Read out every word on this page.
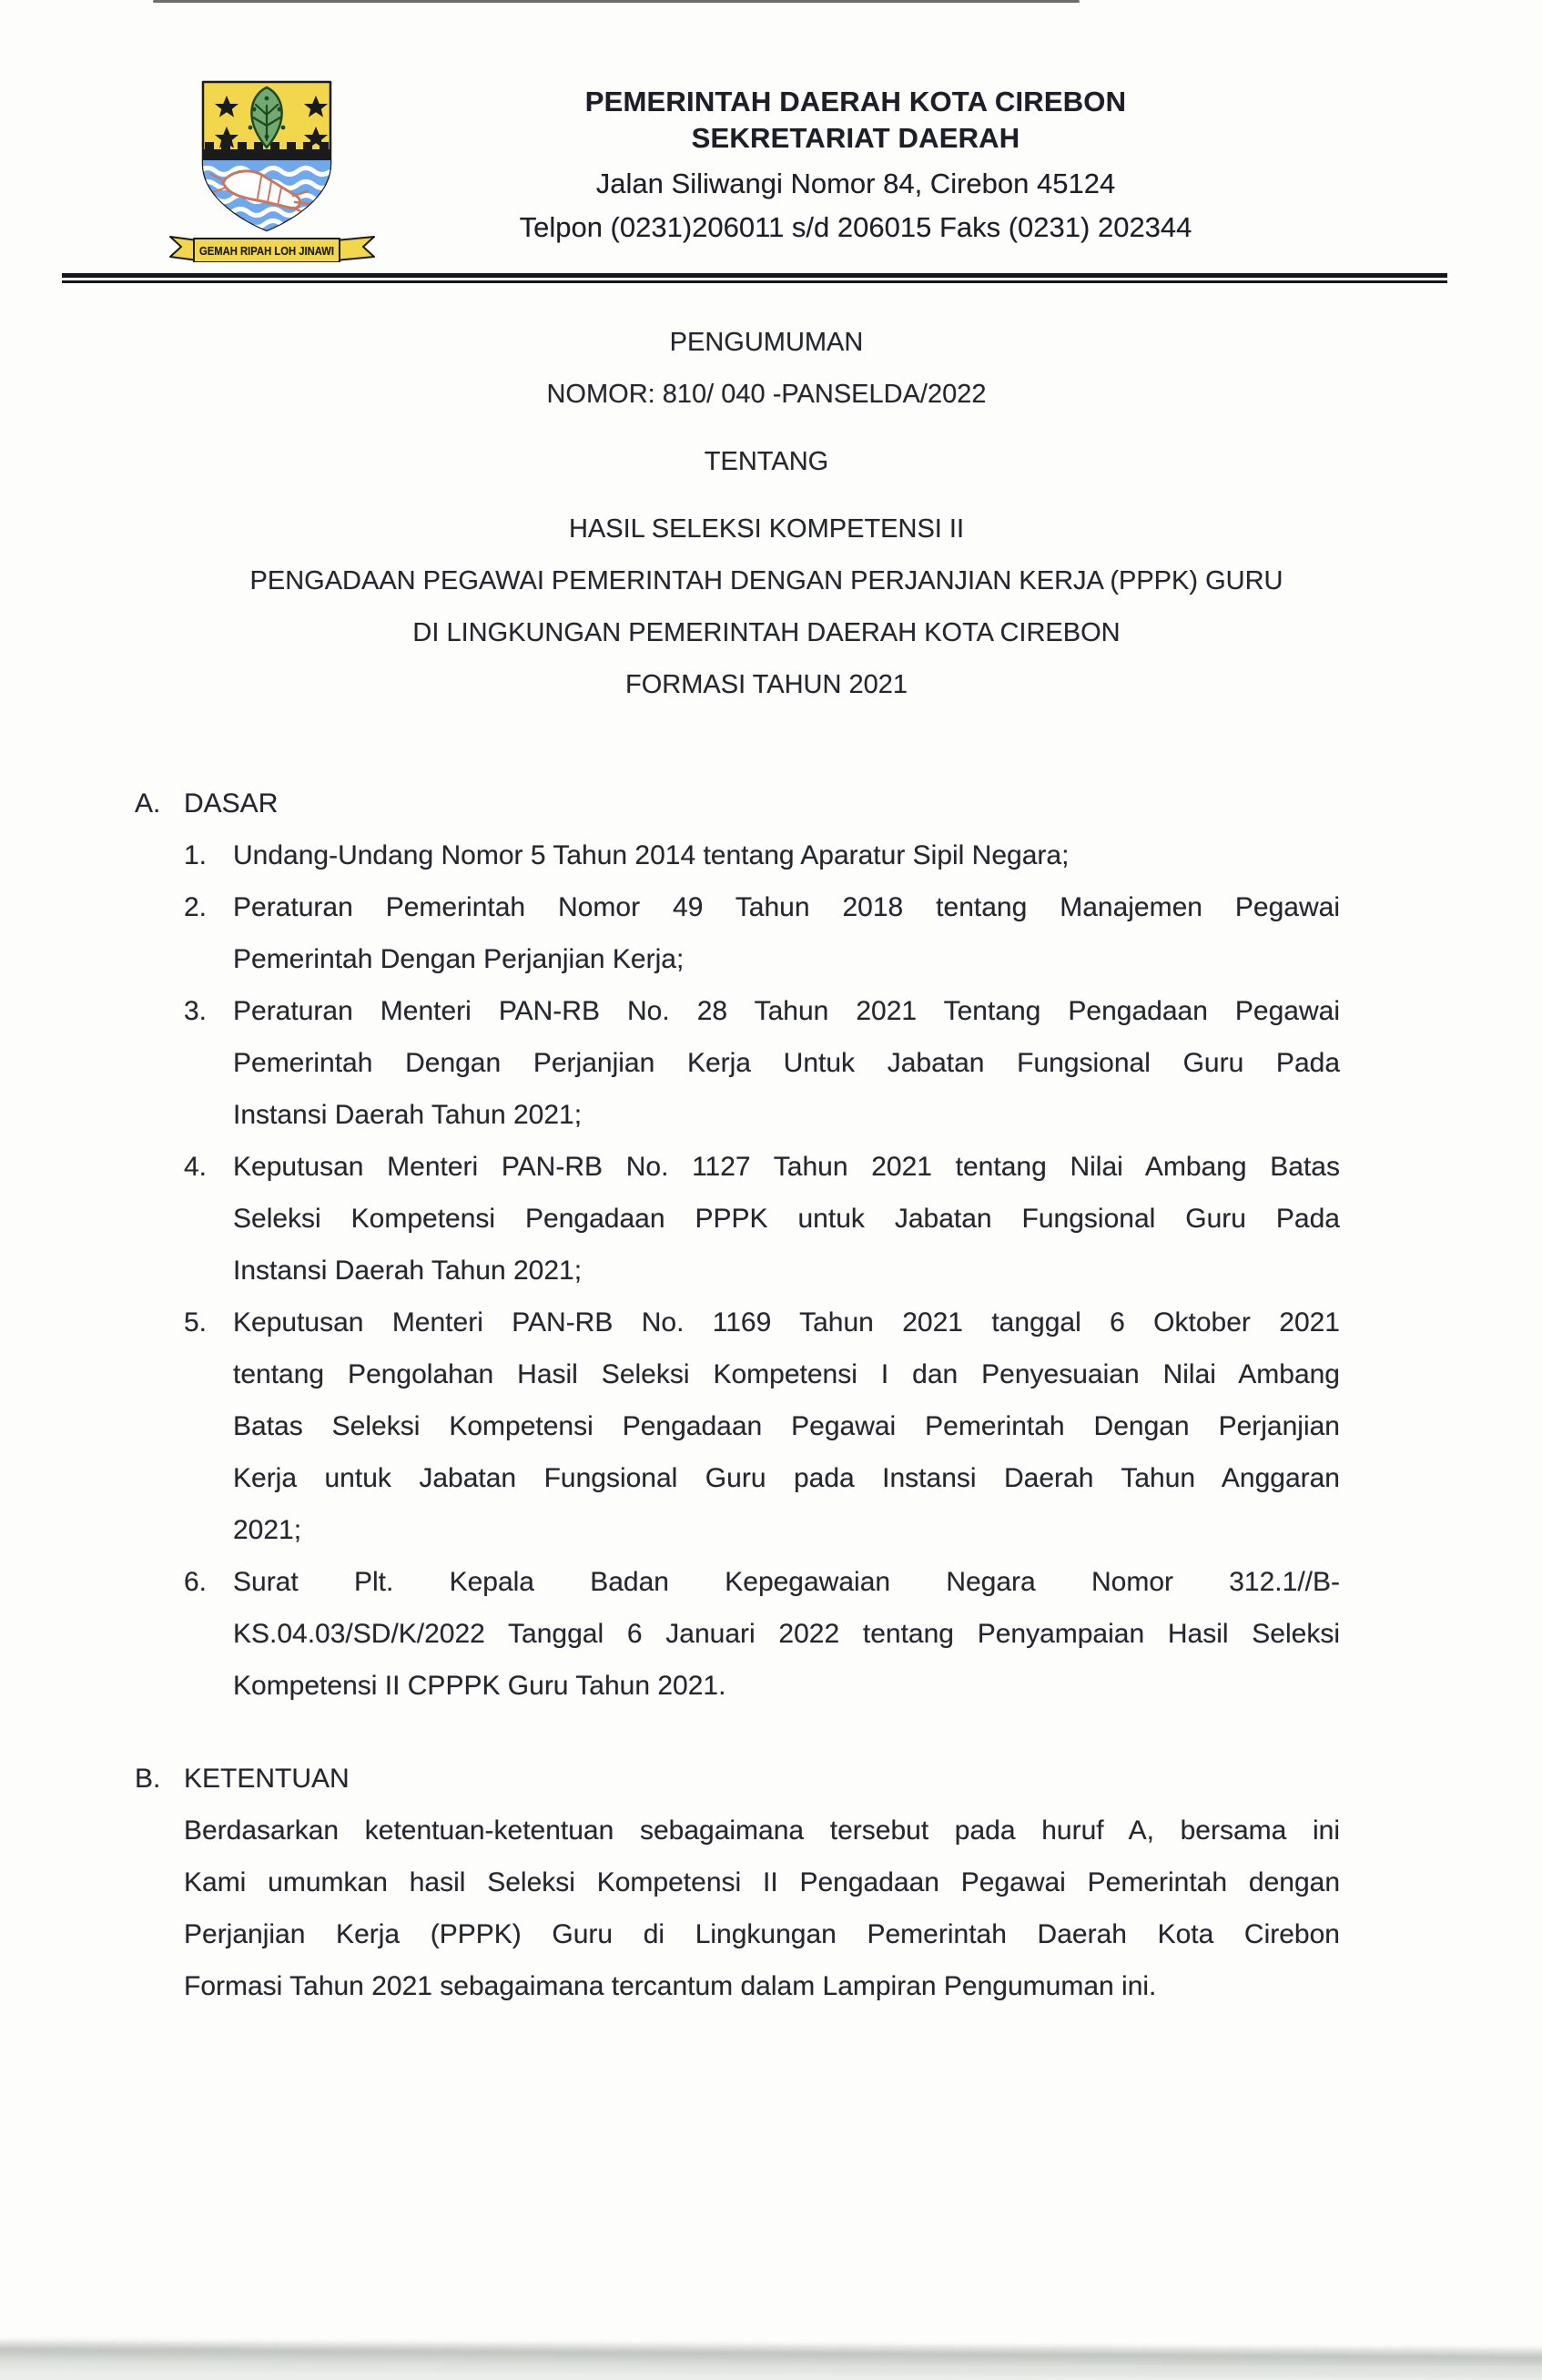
GEMAH RIPAH LOH JINAWI
PEMERINTAH DAERAH KOTA CIREBON
SEKRETARIAT DAERAH
Jalan Siliwangi Nomor 84, Cirebon 45124
Telpon (0231)206011 s/d 206015 Faks (0231) 202344
PENGUMUMAN
NOMOR: 810/ 040 -PANSELDA/2022
TENTANG
HASIL SELEKSI KOMPETENSI II
PENGADAAN PEGAWAI PEMERINTAH DENGAN PERJANJIAN KERJA (PPPK) GURU
DI LINGKUNGAN PEMERINTAH DAERAH KOTA CIREBON
FORMASI TAHUN 2021
A. DASAR
1. Undang-Undang Nomor 5 Tahun 2014 tentang Aparatur Sipil Negara;
2. Peraturan Pemerintah Nomor 49 Tahun 2018 tentang Manajemen Pegawai
Pemerintah Dengan Perjanjian Kerja;
3. Peraturan Menteri PAN-RB No. 28 Tahun 2021 Tentang Pengadaan Pegawai
Pemerintah Dengan Perjanjian Kerja Untuk Jabatan Fungsional Guru Pada
Instansi Daerah Tahun 2021;
4. Keputusan Menteri PAN-RB No. 1127 Tahun 2021 tentang Nilai Ambang Batas
Seleksi Kompetensi Pengadaan PPPK untuk Jabatan Fungsional Guru Pada
Instansi Daerah Tahun 2021;
5. Keputusan Menteri PAN-RB No. 1169 Tahun 2021 tanggal 6 Oktober 2021
tentang Pengolahan Hasil Seleksi Kompetensi I dan Penyesuaian Nilai Ambang
Batas Seleksi Kompetensi Pengadaan Pegawai Pemerintah Dengan Perjanjian
Kerja untuk Jabatan Fungsional Guru pada Instansi Daerah Tahun Anggaran
2021;
6. Surat Plt. Kepala Badan Kepegawaian Negara Nomor 312.1//B-
KS.04.03/SD/K/2022 Tanggal 6 Januari 2022 tentang Penyampaian Hasil Seleksi
Kompetensi II CPPPK Guru Tahun 2021.
B. KETENTUAN
Berdasarkan ketentuan-ketentuan sebagaimana tersebut pada huruf A, bersama ini
Kami umumkan hasil Seleksi Kompetensi II Pengadaan Pegawai Pemerintah dengan
Perjanjian Kerja (PPPK) Guru di Lingkungan Pemerintah Daerah Kota Cirebon
Formasi Tahun 2021 sebagaimana tercantum dalam Lampiran Pengumuman ini.
